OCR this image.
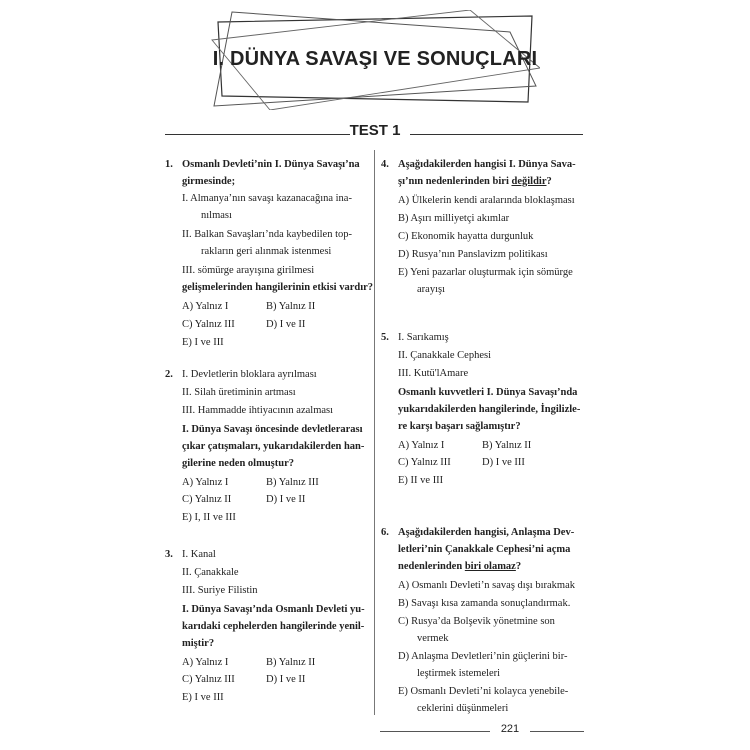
I. DÜNYA SAVAŞI VE SONUÇLARI
TEST 1
1. Osmanlı Devleti’nin I. Dünya Savaşı’na
girmesinde;
I. Almanya’nın savaşı kazanacağına ina-
nılması
II. Balkan Savaşları’nda kaybedilen top-
rakların geri alınmak istenmesi
III. sömürge arayışına girilmesi
gelişmelerinden hangilerinin etkisi vardır?
A) Yalnız I	B) Yalnız II
C) Yalnız III	D) I ve II
E) I ve III
2. I. Devletlerin bloklara ayrılması
II. Silah üretiminin artması
III. Hammadde ihtiyacının azalması
I. Dünya Savaşı öncesinde devletlerarası
çıkar çatışmaları, yukarıdakilerden han-
gilerine neden olmuştur?
A) Yalnız I	B) Yalnız III
C) Yalnız II	D) I ve II
E) I, II ve III
3. I. Kanal
II. Çanakkale
III. Suriye Filistin
I. Dünya Savaşı’nda Osmanlı Devleti yu-
karıdaki cephelerden hangilerinde yenil-
miştir?
A) Yalnız I	B) Yalnız II
C) Yalnız III	D) I ve II
E) I ve III
4. Aşağıdakilerden hangisi I. Dünya Sava-
şı’nın nedenlerinden biri değildir?
A) Ülkelerin kendi aralarında bloklaşması
B) Aşırı milliyetçi akımlar
C) Ekonomik hayatta durgunluk
D) Rusya’nın Panslavizm politikası
E) Yeni pazarlar oluşturmak için sömürge
arayışı
5. I. Sarıkamış
II. Çanakkale Cephesi
III. Kutü'lAmare
Osmanlı kuvvetleri I. Dünya Savaşı’nda
yukarıdakilerden hangilerinde, İngilizle-
re karşı başarı sağlamıştır?
A) Yalnız I	B) Yalnız II
C) Yalnız III	D) I ve III
E) II ve III
6. Aşağıdakilerden hangisi, Anlaşma Dev-
letleri’nin Çanakkale Cephesi’ni açma
nedenlerinden biri olamaz?
A) Osmanlı Devleti’n savaş dışı bırakmak
B) Savaşı kısa zamanda sonuçlandırmak.
C) Rusya’da Bolşevik yönetmine son
vermek
D) Anlaşma Devletleri’nin güçlerini bir-
leştirmek istemeleri
E) Osmanlı Devleti’ni kolayca yenebile-
ceklerini düşünmeleri
221
